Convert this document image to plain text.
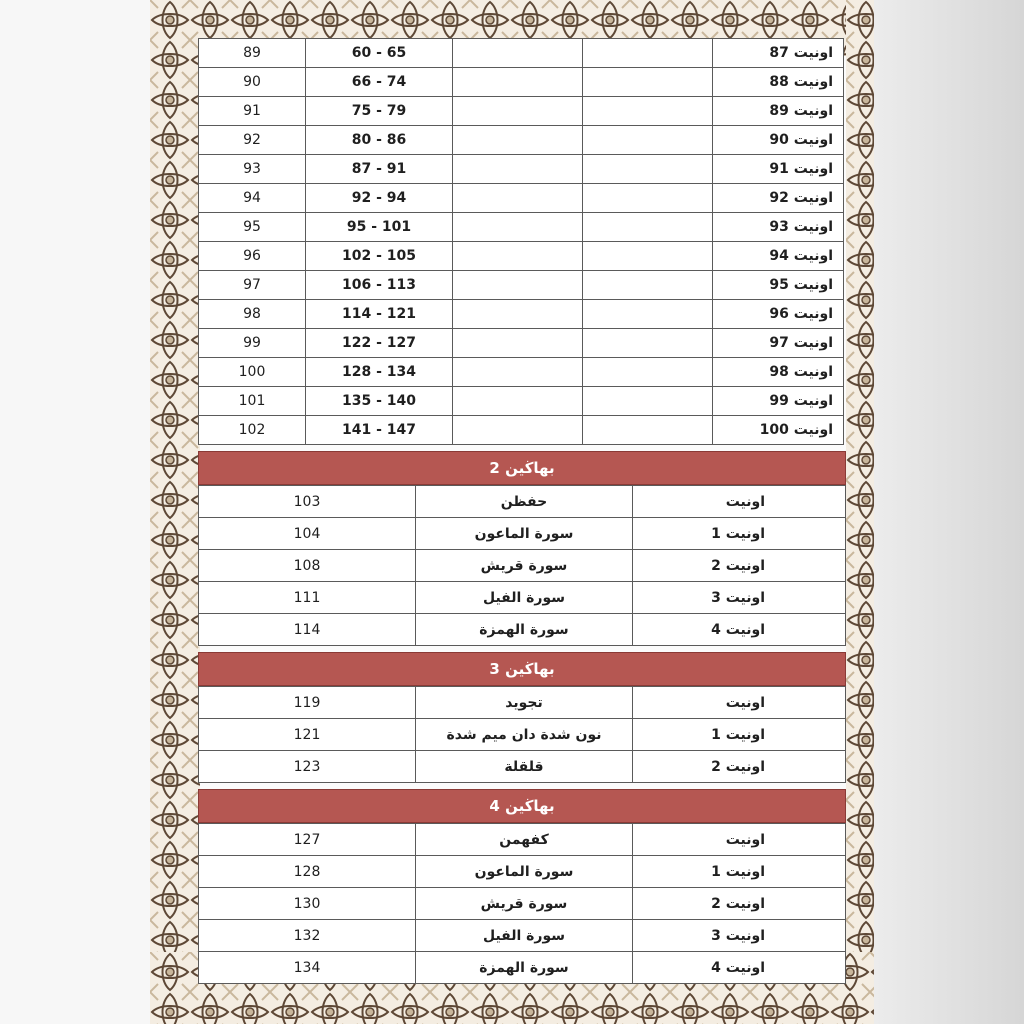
89	60 - 65			اونيت 87
90	66 - 74			اونيت 88
91	75 - 79			اونيت 89
92	80 - 86			اونيت 90
93	87 - 91			اونيت 91
94	92 - 94			اونيت 92
95	95 - 101			اونيت 93
96	102 - 105			اونيت 94
97	106 - 113			اونيت 95
98	114 - 121			اونيت 96
99	122 - 127			اونيت 97
100	128 - 134			اونيت 98
101	135 - 140			اونيت 99
102	141 - 147			اونيت 100
بهاڬين 2
103	حفظن	اونيت
104	سورة الماعون	اونيت 1
108	سورة قريش	اونيت 2
111	سورة الفيل	اونيت 3
114	سورة الهمزة	اونيت 4
بهاڬين 3
119	تجويد	اونيت
121	نون شدة دان ميم شدة	اونيت 1
123	قلقلة	اونيت 2
بهاڬين 4
127	كفهمن	اونيت
128	سورة الماعون	اونيت 1
130	سورة قريش	اونيت 2
132	سورة الفيل	اونيت 3
134	سورة الهمزة	اونيت 4
